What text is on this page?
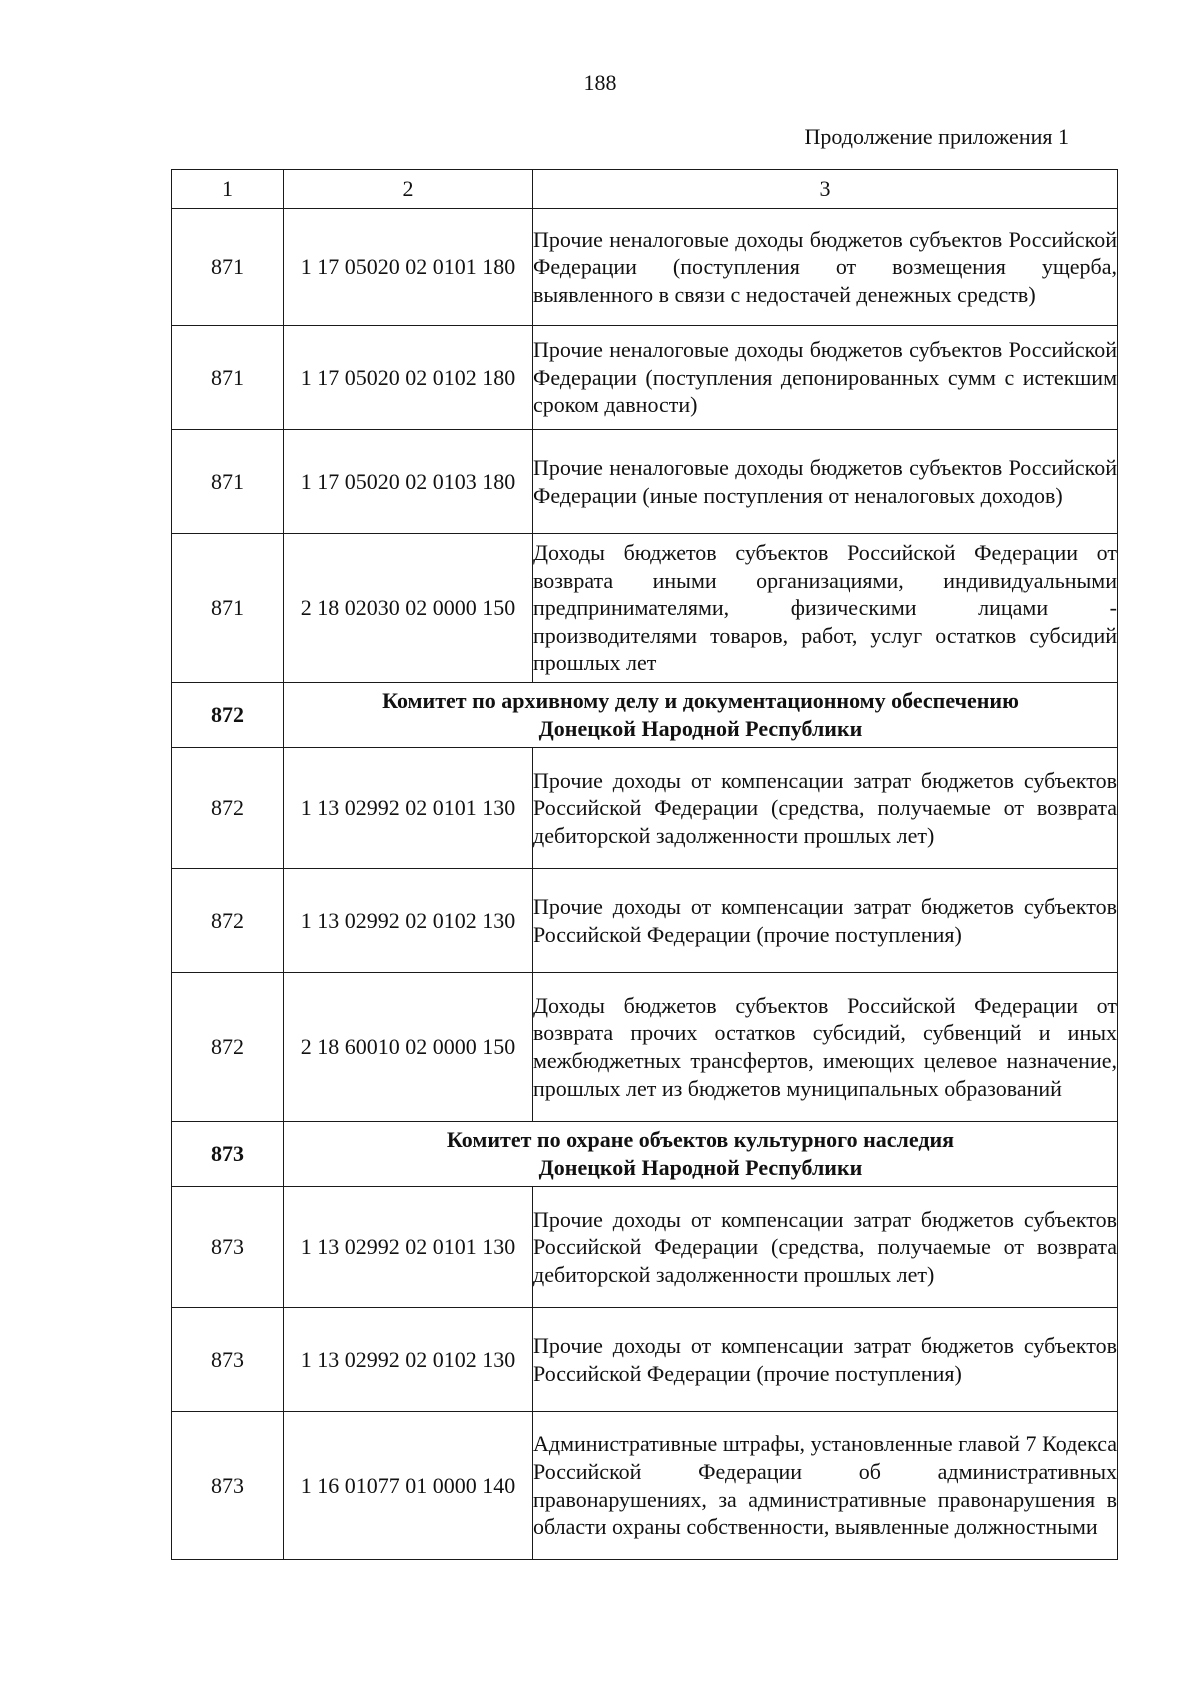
188
Продолжение приложения 1
1	2	3
871	1 17 05020 02 0101 180	Прочие неналоговые доходы бюджетов субъектов Российской Федерации (поступления от возмещения ущерба, выявленного в связи с недостачей денежных средств)
871	1 17 05020 02 0102 180	Прочие неналоговые доходы бюджетов субъектов Российской Федерации (поступления депонированных сумм с истекшим сроком давности)
871	1 17 05020 02 0103 180	Прочие неналоговые доходы бюджетов субъектов Российской Федерации (иные поступления от неналоговых доходов)
871	2 18 02030 02 0000 150	Доходы бюджетов субъектов Российской Федерации от возврата иными организациями, индивидуальными предпринимателями, физическими лицами - производителями товаров, работ, услуг остатков субсидий прошлых лет
872	Комитет по архивному делу и документационному обеспечению
Донецкой Народной Республики	

872	1 13 02992 02 0101 130	Прочие доходы от компенсации затрат бюджетов субъектов Российской Федерации (средства, получаемые от возврата дебиторской задолженности прошлых лет)
872	1 13 02992 02 0102 130	Прочие доходы от компенсации затрат бюджетов субъектов Российской Федерации (прочие поступления)
872	2 18 60010 02 0000 150	Доходы бюджетов субъектов Российской Федерации от возврата прочих остатков субсидий, субвенций и иных межбюджетных трансфертов, имеющих целевое назначение, прошлых лет из бюджетов муниципальных образований
873	Комитет по охране объектов культурного наследия
Донецкой Народной Республики	

873	1 13 02992 02 0101 130	Прочие доходы от компенсации затрат бюджетов субъектов Российской Федерации (средства, получаемые от возврата дебиторской задолженности прошлых лет)
873	1 13 02992 02 0102 130	Прочие доходы от компенсации затрат бюджетов субъектов Российской Федерации (прочие поступления)
873	1 16 01077 01 0000 140	Административные штрафы, установленные главой 7 Кодекса Российской Федерации об административных правонарушениях, за административные правонарушения в области охраны собственности, выявленные должностными
